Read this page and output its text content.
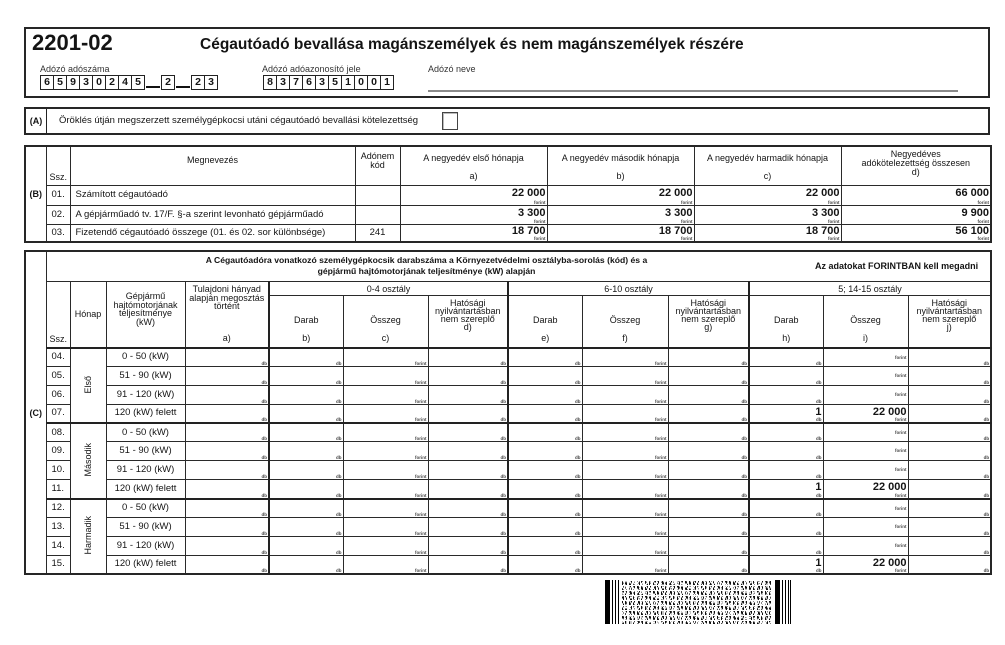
2201-02	Cégautóadó bevallása magánszemélyek és nem magánszemélyek részére
Adózó adószáma
6 5 9 3 0 2 4 5	2	2 3
Adózó adóazonosító jele
8 3 7 6 3 5 1 0 0 1
Adózó neve
(A)	Öröklés útján megszerzett személygépkocsi utáni cégautóadó bevallási kötelezettség
(B)	Ssz.	Megnevezés	Adónem kód	
A negyedév első hónapja
a)

A negyedév második hónapja
b)

A negyedév harmadik hónapja
c)

Negyedéves adókötelezettség összesen
d)

	01.	Számított cégautóadó		22 000 forint	22 000 forint	22 000 forint	66 000 forint
	02.	A gépjárműadó tv. 17/F. §-a szerint levonható gépjárműadó		3 300 forint	3 300 forint	3 300 forint	9 900 forint
	03.	Fizetendő cégautóadó összege (01. és 02. sor különbsége)	241	18 700 forint	18 700 forint	18 700 forint	56 100 forint
(C)	A Cégautóadóra vonatkozó személygépkocsik darabszáma a Környezetvédelmi osztályba-sorolás (kód) és a gépjármű hajtómotorjának teljesítménye (kW) alapján Az adatokat FORINTBAN kell megadni												

	Ssz.	Hónap	Gépjármű hajtómotorjának teljesítménye (kW)	Tulajdoni hányad alapján megosztás történt
a)	0-4 osztály			6-10 osztály			5; 14-15 osztály		

Darab
b)

Összeg
c)

Hatósági nyilvántartásban nem szereplő
d)

Darab
e)

Összeg
f)

Hatósági nyilvántartásban nem szereplő
g)

Darab
h)

Összeg
i)

Hatósági nyilvántartásban nem szereplő
j)

	04.	Első	0 - 50 (kW)	db	db	forint	db	db	forint	db	db	forint	db
	05.		51 - 90 (kW)	db	db	forint	db	db	forint	db	db	forint	db
	06.		91 - 120 (kW)	db	db	forint	db	db	forint	db	db	forint	db
	07.		120 (kW) felett	db	db	forint	db	db	forint	db	1 db	22 000 forint	db
	08.	Második	0 - 50 (kW)	db	db	forint	db	db	forint	db	db	forint	db
	09.		51 - 90 (kW)	db	db	forint	db	db	forint	db	db	forint	db
	10.		91 - 120 (kW)	db	db	forint	db	db	forint	db	db	forint	db
	11.		120 (kW) felett	db	db	forint	db	db	forint	db	1 db	22 000 forint	db
	12.	Harmadik	0 - 50 (kW)	db	db	forint	db	db	forint	db	db	forint	db
	13.		51 - 90 (kW)	db	db	forint	db	db	forint	db	db	forint	db
	14.		91 - 120 (kW)	db	db	forint	db	db	forint	db	db	forint	db
	15.		120 (kW) felett	db	db	forint	db	db	forint	db	1 db	22 000 forint	db
